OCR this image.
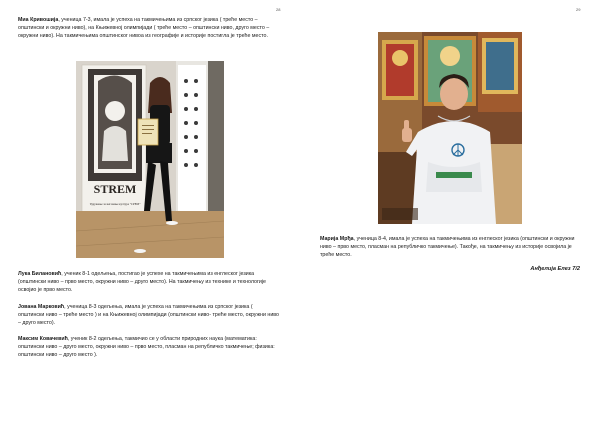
28

Миа Кривошија, ученица 7-3, имала је успеха на такмичењима из српског језика ( треће место – општински и окружни ниво), на Књижевној олимпијади ( треће место – општински ниво, друго место – окружни ниво). На такмичењима општинског нивоа из географије и историје постигла је треће место.

STREM
Удружење за неговање културе "СРЕМ"

Лука Билановић, ученик 8-1 одељења, постигао је успехе на такмичењима из енглеског језика (општински ниво – прво место, окружни ниво – друго место). На такмичењу из технике и технологије освојио је прво место.

Јована Марковић, ученица 8-3 одељења, имала је успеха на такмичењима из српског језика ( општински ниво – треће место ) и на Књижевној олимпијади (општински ниво- треће место, окружни ниво – друго место).

Максим Ковачевић, ученик 8-2 одељења, такмичио се у области природних наука (математика: општински ниво – друго место, окружни ниво – прво место, пласман на републичко такмичење; физика: општински ниво – друго место ).

29

Марија Мрђа, ученица 8-4, имала је успеха на такмичењима из енглеског језика (општински и окружни ниво – прво место, пласман на републичко такмичење). Такође, на такмичењу из историје освојила је треће место.

Анђелија Елез 7/2
